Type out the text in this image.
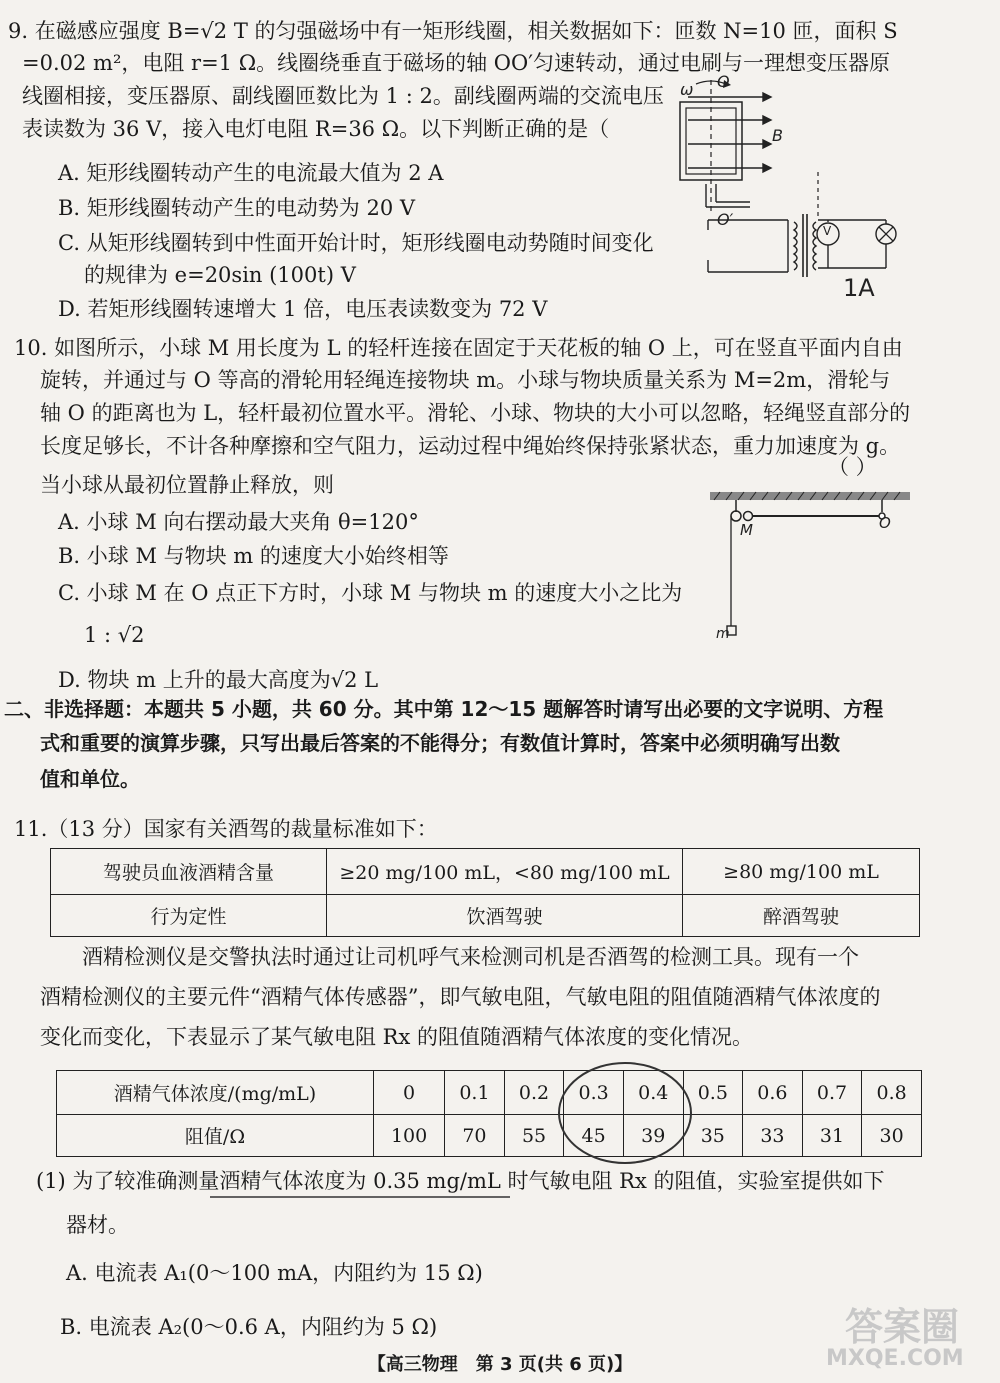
9. 在磁感应强度 B=√2 T 的匀强磁场中有一矩形线圈，相关数据如下：匝数 N=10 匝，面积 S
=0.02 m²，电阻 r=1 Ω。线圈绕垂直于磁场的轴 OO′匀速转动，通过电刷与一理想变压器原
线圈相接，变压器原、副线圈匝数比为 1 : 2。副线圈两端的交流电压
表读数为 36 V，接入电灯电阻 R=36 Ω。以下判断正确的是（
A. 矩形线圈转动产生的电流最大值为 2 A
B. 矩形线圈转动产生的电动势为 20 V
C. 从矩形线圈转到中性面开始计时，矩形线圈电动势随时间变化
的规律为 e=20sin (100t) V
D. 若矩形线圈转速增大 1 倍，电压表读数变为 72 V
ω O
B
O′
V
1A
10. 如图所示，小球 M 用长度为 L 的轻杆连接在固定于天花板的轴 O 上，可在竖直平面内自由
旋转，并通过与 O 等高的滑轮用轻绳连接物块 m。小球与物块质量关系为 M=2m，滑轮与
轴 O 的距离也为 L，轻杆最初位置水平。滑轮、小球、物块的大小可以忽略，轻绳竖直部分的
长度足够长，不计各种摩擦和空气阻力，运动过程中绳始终保持张紧状态，重力加速度为 g。
（ ）
当小球从最初位置静止释放，则
A. 小球 M 向右摆动最大夹角 θ=120°
B. 小球 M 与物块 m 的速度大小始终相等
C. 小球 M 在 O 点正下方时，小球 M 与物块 m 的速度大小之比为
1 : √2
D. 物块 m 上升的最大高度为√2 L
M	O
m
二、非选择题：本题共 5 小题，共 60 分。其中第 12～15 题解答时请写出必要的文字说明、方程
式和重要的演算步骤，只写出最后答案的不能得分；有数值计算时，答案中必须明确写出数
值和单位。
11.（13 分）国家有关酒驾的裁量标准如下：
驾驶员血液酒精含量	≥20 mg/100 mL，<80 mg/100 mL	≥80 mg/100 mL
行为定性	饮酒驾驶	醉酒驾驶
酒精检测仪是交警执法时通过让司机呼气来检测司机是否酒驾的检测工具。现有一个
酒精检测仪的主要元件“酒精气体传感器”，即气敏电阻，气敏电阻的阻值随酒精气体浓度的
变化而变化，下表显示了某气敏电阻 Rx 的阻值随酒精气体浓度的变化情况。
酒精气体浓度/(mg/mL)	0	0.1	0.2	0.3	0.4	0.5	0.6	0.7	0.8
阻值/Ω	100	70	55	45	39	35	33	31	30
(1) 为了较准确测量酒精气体浓度为 0.35 mg/mL 时气敏电阻 Rx 的阻值，实验室提供如下
器材。
A. 电流表 A₁(0～100 mA，内阻约为 15 Ω)
B. 电流表 A₂(0～0.6 A，内阻约为 5 Ω)	答案圈
MXQE.COM
【高三物理　第 3 页(共 6 页)】
